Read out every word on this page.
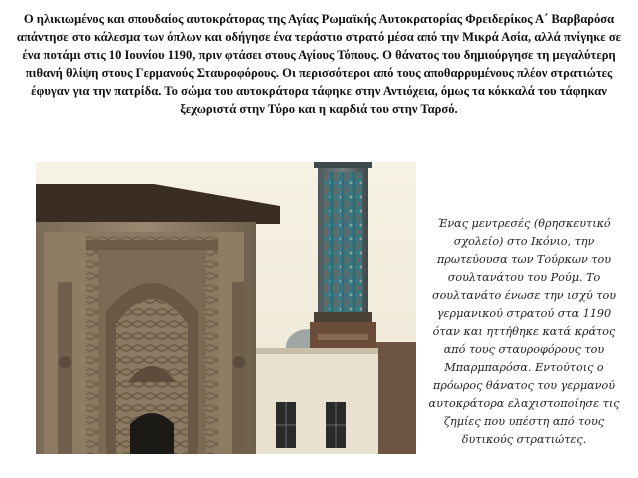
Ο ηλικιωμένος και σπουδαίος αυτοκράτορας της Αγίας Ρωμαϊκής Αυτοκρατορίας Φρειδερίκος Α΄ Βαρβαρόσα απάντησε στο κάλεσμα των όπλων και οδήγησε ένα τεράστιο στρατό μέσα από την Μικρά Ασία, αλλά πνίγηκε σε ένα ποτάμι στις 10 Ιουνίου 1190, πριν φτάσει στους Αγίους Τόπους. Ο θάνατος του δημιούργησε τη μεγαλύτερη πιθανή θλίψη στους Γερμανούς Σταυροφόρους. Οι περισσότεροι από τους αποθαρρυμένους πλέον στρατιώτες έφυγαν για την πατρίδα. Το σώμα του αυτοκράτορα τάφηκε στην Αντιόχεια, όμως τα κόκκαλά του τάφηκαν ξεχωριστά στην Τύρο και η καρδιά του στην Ταρσό.
Ένας μεντρεσές (θρησκευτικό σχολείο) στο Ικόνιο, την πρωτεύουσα των Τούρκων του σουλτανάτου του Ρούμ. Το σουλτανάτο ένωσε την ισχύ του γερμανικού στρατού στα 1190 όταν και ηττήθηκε κατά κράτος από τους σταυροφόρους του Μπαρμπαρόσα. Εντούτοις ο πρόωρος θάνατος του γερμανού αυτοκράτορα ελαχιστοποίησε τις ζημίες που υπέστη από τους δυτικούς στρατιώτες.
